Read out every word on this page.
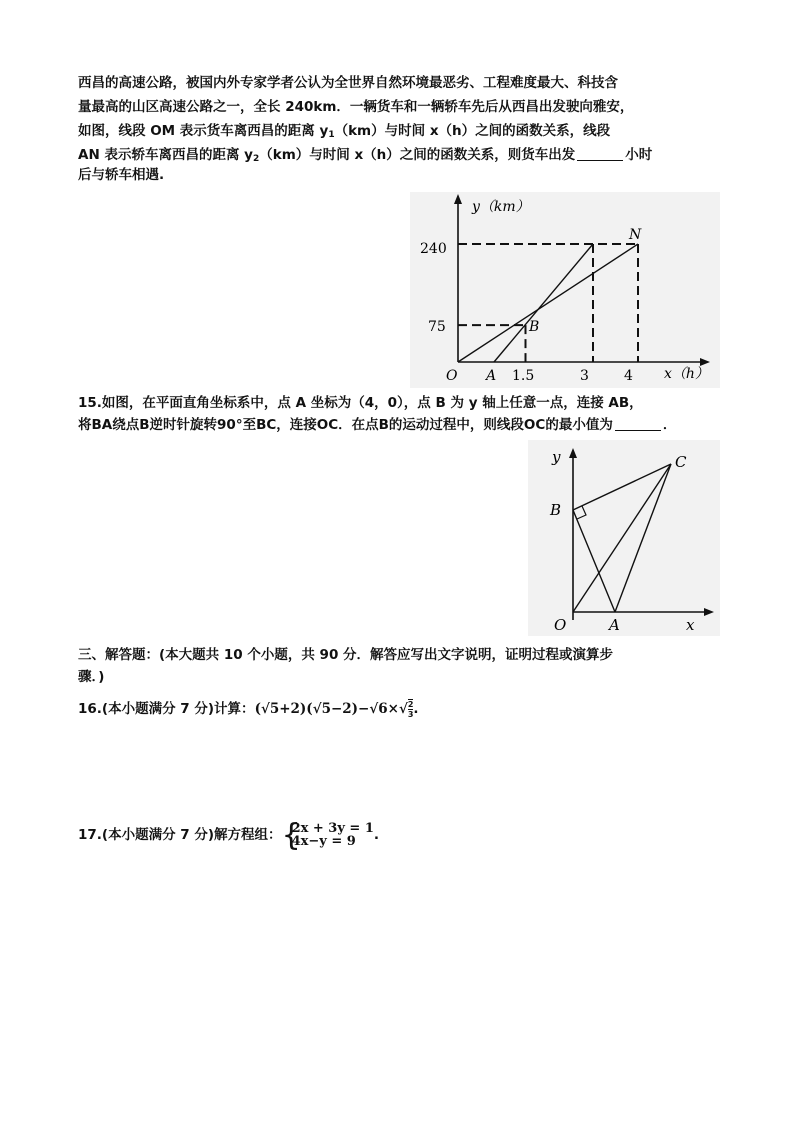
西昌的高速公路，被国内外专家学者公认为全世界自然环境最恶劣、工程难度最大、科技含
量最高的山区高速公路之一，全长 240km．一辆货车和一辆轿车先后从西昌出发驶向雅安，
如图，线段 OM 表示货车离西昌的距离 $y_1(km)$与时间 x（h）之间的函数关系，线段
AN 表示轿车离西昌的距离 $y_2(km)$与时间 x（h）之间的函数关系，则货车出发	小时
后与轿车相遇.
y（km）
x（h）
240
75
1.5	3	4
O A
B
N
15.如图，在平面直角坐标系中，点 A 坐标为（4，0），点 B 为 y 轴上任意一点，连接 AB，
将BA绕点B逆时针旋转90°至BC，连接OC．在点B的运动过程中，则线段OC的最小值为	．
y
x
O	A
B
C
三、解答题：(本大题共 10 个小题，共 90 分．解答应写出文字说明，证明过程或演算步
骤．)
16.(本小题满分 7 分)计算：$(√5+2)(√5-2)-√6\times√ \frac{2}{3}$ .
17.(本小题满分 7 分)解方程组： {
2x + 3y = 1
4x−y = 9	.
